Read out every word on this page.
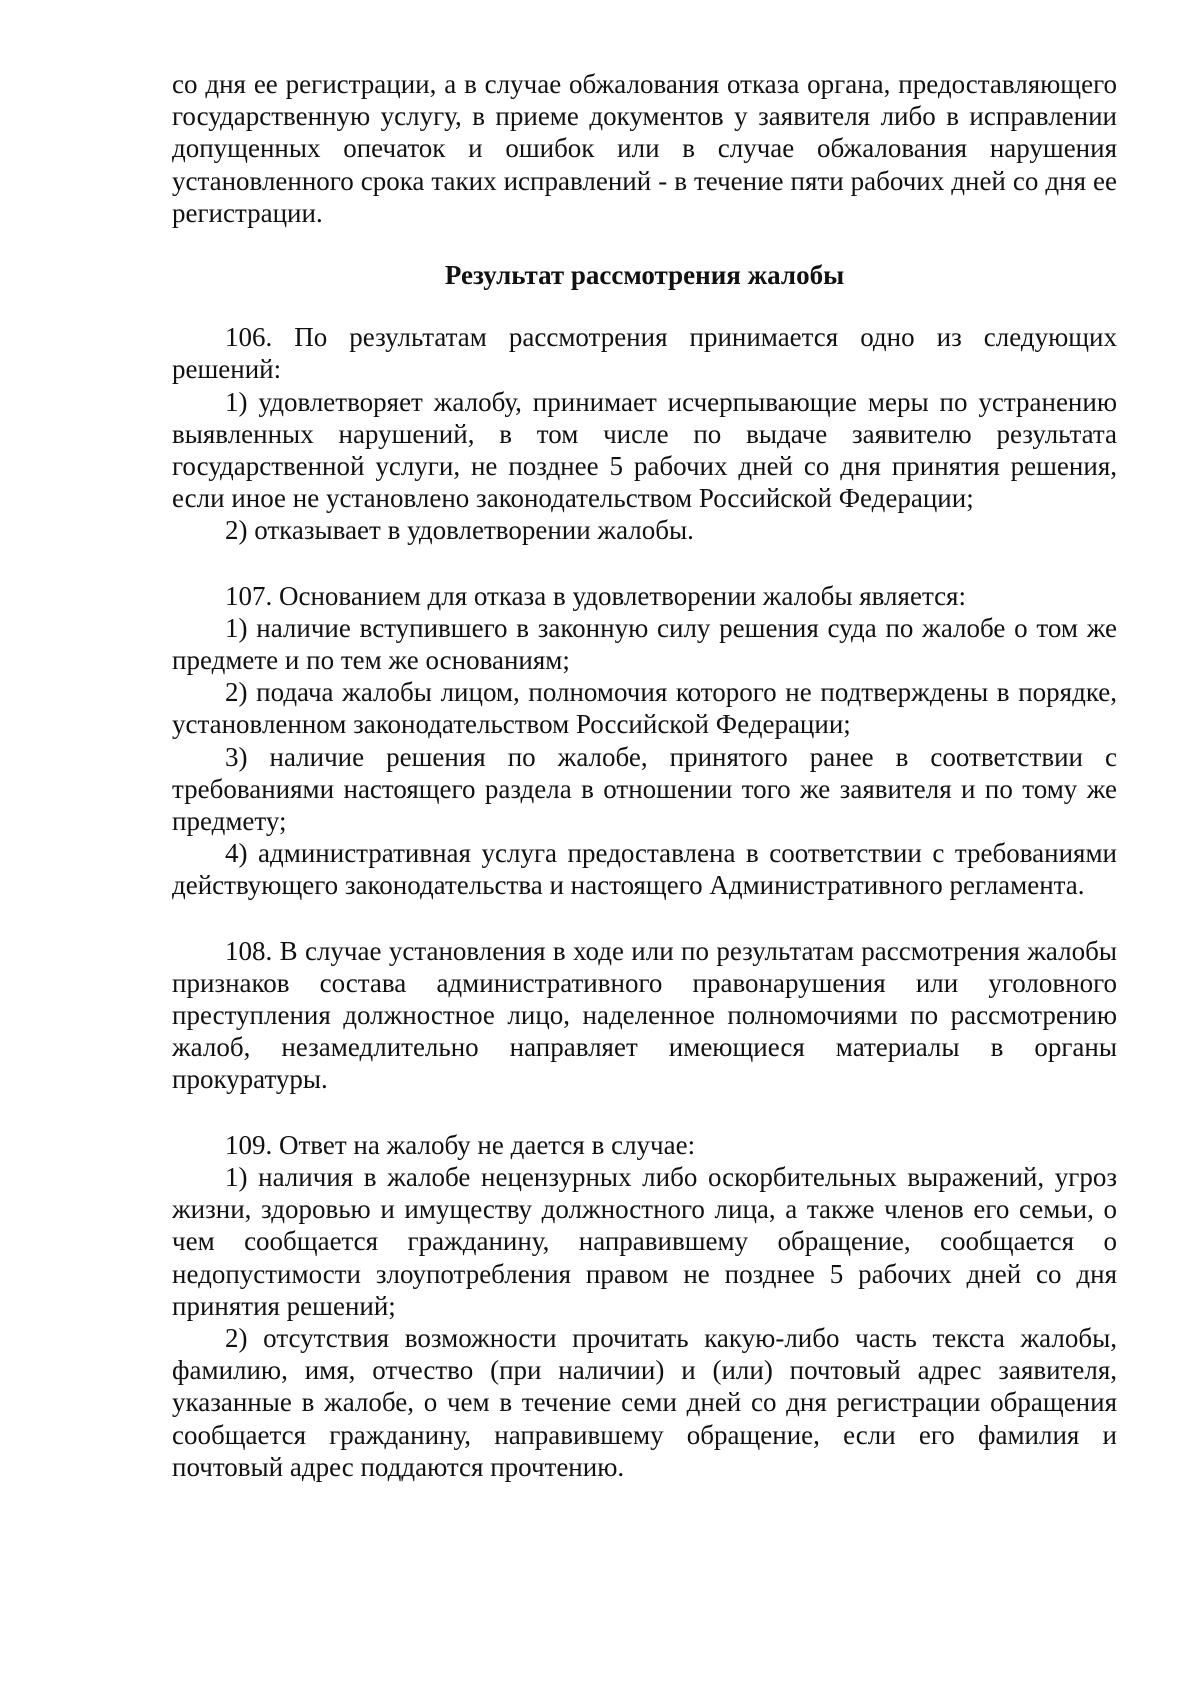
со дня ее регистрации, а в случае обжалования отказа органа, предоставляющего государственную услугу, в приеме документов у заявителя либо в исправлении допущенных опечаток и ошибок или в случае обжалования нарушения установленного срока таких исправлений - в течение пяти рабочих дней со дня ее регистрации.

Результат рассмотрения жалобы

106. По результатам рассмотрения принимается одно из следующих решений:

1) удовлетворяет жалобу, принимает исчерпывающие меры по устранению выявленных нарушений, в том числе по выдаче заявителю результата государственной услуги, не позднее 5 рабочих дней со дня принятия решения, если иное не установлено законодательством Российской Федерации;

2) отказывает в удовлетворении жалобы.

107. Основанием для отказа в удовлетворении жалобы является:

1) наличие вступившего в законную силу решения суда по жалобе о том же предмете и по тем же основаниям;

2) подача жалобы лицом, полномочия которого не подтверждены в порядке, установленном законодательством Российской Федерации;

3) наличие решения по жалобе, принятого ранее в соответствии с требованиями настоящего раздела в отношении того же заявителя и по тому же предмету;

4) административная услуга предоставлена в соответствии с требованиями действующего законодательства и настоящего Административного регламента.

108. В случае установления в ходе или по результатам рассмотрения жалобы признаков состава административного правонарушения или уголовного преступления должностное лицо, наделенное полномочиями по рассмотрению жалоб, незамедлительно направляет имеющиеся материалы в органы прокуратуры.

109. Ответ на жалобу не дается в случае:

1) наличия в жалобе нецензурных либо оскорбительных выражений, угроз жизни, здоровью и имуществу должностного лица, а также членов его семьи, о чем сообщается гражданину, направившему обращение, сообщается о недопустимости злоупотребления правом не позднее 5 рабочих дней со дня принятия решений;

2) отсутствия возможности прочитать какую-либо часть текста жалобы, фамилию, имя, отчество (при наличии) и (или) почтовый адрес заявителя, указанные в жалобе, о чем в течение семи дней со дня регистрации обращения сообщается гражданину, направившему обращение, если его фамилия и почтовый адрес поддаются прочтению.
